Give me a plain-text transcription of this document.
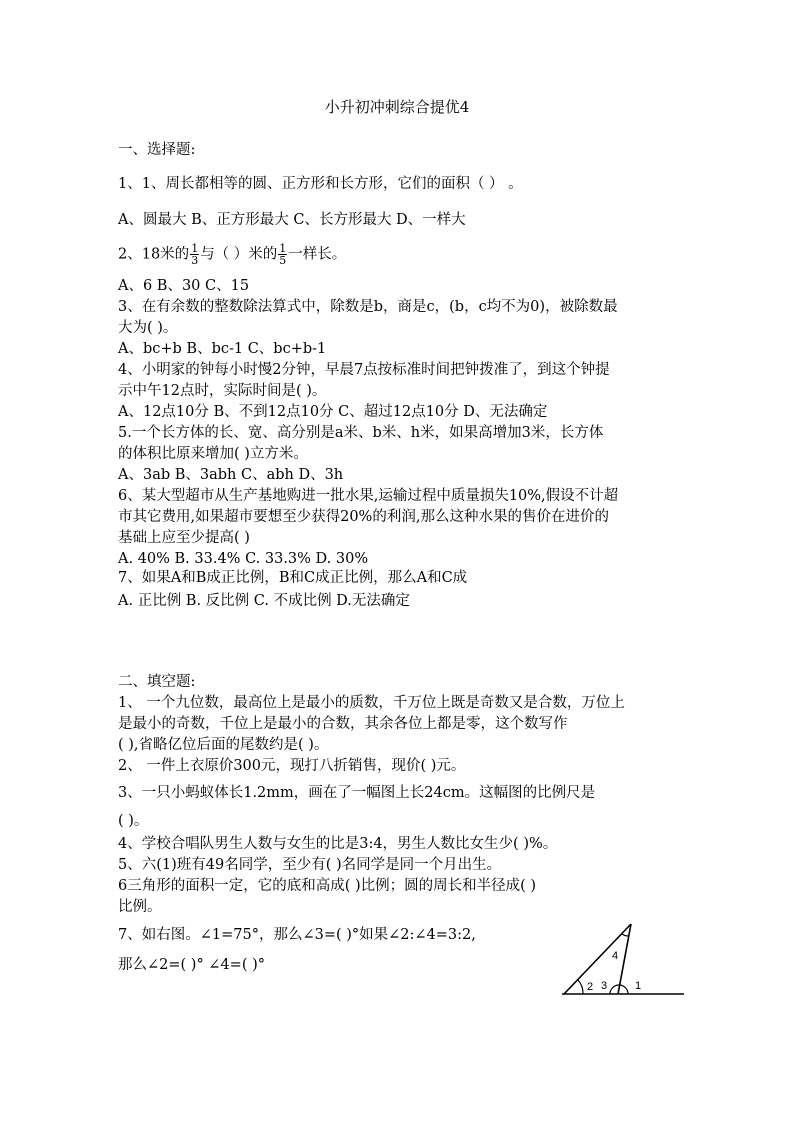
小升初冲刺综合提优4
一、选择题:
1、1、周长都相等的圆、正方形和长方形，它们的面积（ ） 。
A、圆最大 B、正方形最大 C、长方形最大 D、一样大
2、18米的 $\frac{1}{3}$ 与（ ）米的 $\frac{1}{5}$ 一样长。
A、6 B、30 C、15
3、在有余数的整数除法算式中，除数是b，商是c，(b，c均不为0)，被除数最
大为( )。
A、bc+b B、bc-1 C、bc+b-1
4、小明家的钟每小时慢2分钟，早晨7点按标准时间把钟拨准了，到这个钟提
示中午12点时，实际时间是( )。
A、12点10分 B、不到12点10分 C、超过12点10分 D、无法确定
5.一个长方体的长、宽、高分别是a米、b米、h米，如果高增加3米，长方体
的体积比原来增加( )立方米。
A、3ab B、3abh C、abh D、3h
6、某大型超市从生产基地购进一批水果,运输过程中质量损失10%,假设不计超
市其它费用,如果超市要想至少获得20%的利润,那么这种水果的售价在进价的
基础上应至少提高( )
A. 40% B. 33.4% C. 33.3% D. 30%
7、如果A和B成正比例，B和C成正比例，那么A和C成
A. 正比例 B. 反比例 C. 不成比例 D.无法确定
二、填空题:
1、 一个九位数，最高位上是最小的质数，千万位上既是奇数又是合数，万位上
是最小的奇数，千位上是最小的合数，其余各位上都是零，这个数写作
( ),省略亿位后面的尾数约是( )。
2、 一件上衣原价300元，现打八折销售，现价( )元。
3、一只小蚂蚁体长1.2mm，画在了一幅图上长24cm。这幅图的比例尺是
( )。
4、学校合唱队男生人数与女生的比是3:4，男生人数比女生少( )%。
5、六(1)班有49名同学，至少有( )名同学是同一个月出生。
6三角形的面积一定，它的底和高成( )比例；圆的周长和半径成( )
比例。
7、如右图。∠1=75°，那么∠3=( )°如果∠2:∠4=3:2,
那么∠2=( )° ∠4=( )°
1
2 3
4
